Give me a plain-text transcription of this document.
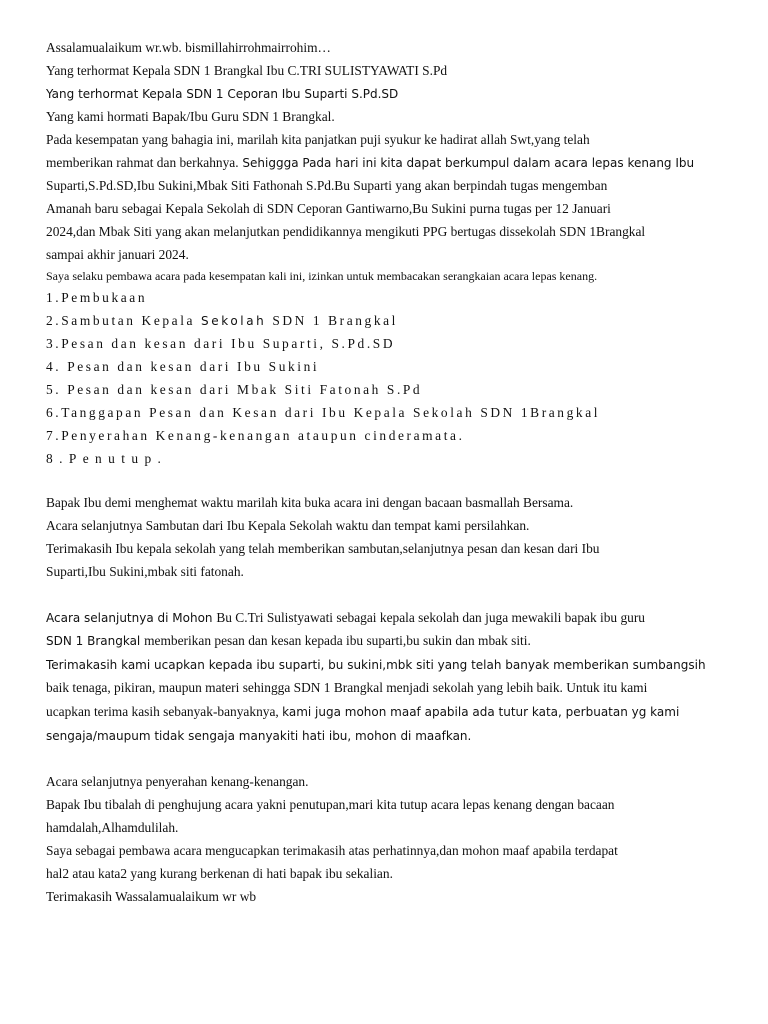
Assalamualaikum wr.wb. bismillahirrohmairrohim…
Yang terhormat Kepala SDN 1 Brangkal Ibu C.TRI SULISTYAWATI S.Pd
Yang terhormat Kepala SDN 1 Ceporan Ibu Suparti S.Pd.SD
Yang kami hormati Bapak/Ibu Guru SDN 1 Brangkal.
Pada kesempatan yang bahagia ini, marilah kita panjatkan puji syukur ke hadirat allah Swt,yang telah
memberikan rahmat dan berkahnya. Sehiggga Pada hari ini kita dapat berkumpul dalam acara lepas kenang Ibu
Suparti,S.Pd.SD,Ibu Sukini,Mbak Siti Fathonah S.Pd.Bu Suparti yang akan berpindah tugas mengemban
Amanah baru sebagai Kepala Sekolah di SDN Ceporan Gantiwarno,Bu Sukini purna tugas per 12 Januari
2024,dan Mbak Siti yang akan melanjutkan pendidikannya mengikuti PPG bertugas dissekolah SDN 1Brangkal
sampai akhir januari 2024.
Saya selaku pembawa acara pada kesempatan kali ini, izinkan untuk membacakan serangkaian acara lepas kenang.
1.Pembukaan
2.Sambutan Kepala Sekolah SDN 1 Brangkal
3.Pesan dan kesan dari Ibu Suparti, S.Pd.SD
4. Pesan dan kesan dari Ibu Sukini
5. Pesan dan kesan dari Mbak Siti Fatonah S.Pd
6.Tanggapan Pesan dan Kesan dari Ibu Kepala Sekolah SDN 1Brangkal
7.Penyerahan Kenang-kenangan ataupun cinderamata.
8.Penutup.
Bapak Ibu demi menghemat waktu marilah kita buka acara ini dengan bacaan basmallah Bersama.
Acara selanjutnya Sambutan dari Ibu Kepala Sekolah waktu dan tempat kami persilahkan.
Terimakasih Ibu kepala sekolah yang telah memberikan sambutan,selanjutnya pesan dan kesan dari Ibu
Suparti,Ibu Sukini,mbak siti fatonah.
Acara selanjutnya di Mohon Bu C.Tri Sulistyawati sebagai kepala sekolah dan juga mewakili bapak ibu guru
SDN 1 Brangkal memberikan pesan dan kesan kepada ibu suparti,bu sukin dan mbak siti.
Terimakasih kami ucapkan kepada ibu suparti, bu sukini,mbk siti yang telah banyak memberikan sumbangsih
baik tenaga, pikiran, maupun materi sehingga SDN 1 Brangkal menjadi sekolah yang lebih baik. Untuk itu kami
ucapkan terima kasih sebanyak-banyaknya, kami juga mohon maaf apabila ada tutur kata, perbuatan yg kami
sengaja/maupum tidak sengaja manyakiti hati ibu, mohon di maafkan.
Acara selanjutnya penyerahan kenang-kenangan.
Bapak Ibu tibalah di penghujung acara yakni penutupan,mari kita tutup acara lepas kenang dengan bacaan
hamdalah,Alhamdulilah.
Saya sebagai pembawa acara mengucapkan terimakasih atas perhatinnya,dan mohon maaf apabila terdapat
hal2 atau kata2 yang kurang berkenan di hati bapak ibu sekalian.
Terimakasih Wassalamualaikum wr wb
